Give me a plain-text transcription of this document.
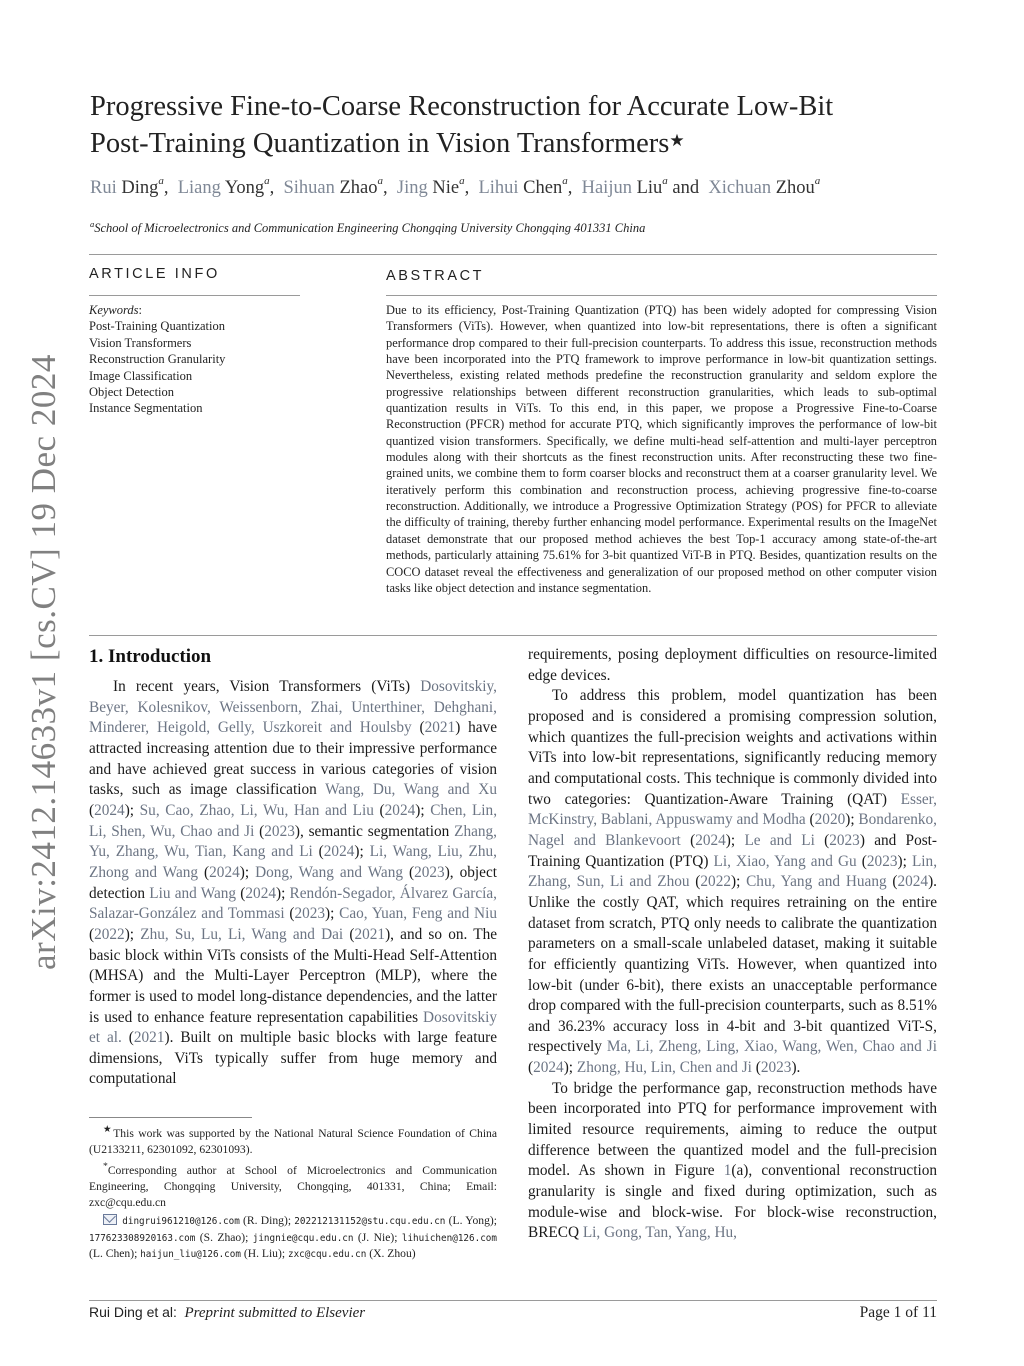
arXiv:2412.14633v1 [cs.CV] 19 Dec 2024
Progressive Fine-to-Coarse Reconstruction for Accurate Low-Bit
Post-Training Quantization in Vision Transformers★
Rui Ding$^a$,  Liang Yong$^a$,  Sihuan Zhao$^a$,  Jing Nie$^a$,  Lihui Chen$^a$,  Haijun Liu$^a$ and Xichuan Zhou$^a$
$^a$School of Microelectronics and Communication Engineering Chongqing University Chongqing 401331 China
ARTICLE INFO	ABSTRACT
Keywords:
Post-Training Quantization
Vision Transformers
Reconstruction Granularity
Image Classification
Object Detection
Instance Segmentation
Due to its efficiency, Post-Training Quantization (PTQ) has been widely adopted for compressing Vision Transformers (ViTs). However, when quantized into low-bit representations, there is often a significant performance drop compared to their full-precision counterparts. To address this issue, reconstruction methods have been incorporated into the PTQ framework to improve performance in low-bit quantization settings. Nevertheless, existing related methods predefine the reconstruction granularity and seldom explore the progressive relationships between different reconstruction granularities, which leads to sub-optimal quantization results in ViTs. To this end, in this paper, we propose a Progressive Fine-to-Coarse Reconstruction (PFCR) method for accurate PTQ, which significantly improves the performance of low-bit quantized vision transformers. Specifically, we define multi-head self-attention and multi-layer perceptron modules along with their shortcuts as the finest reconstruction units. After reconstructing these two fine-grained units, we combine them to form coarser blocks and reconstruct them at a coarser granularity level. We iteratively perform this combination and reconstruction process, achieving progressive fine-to-coarse reconstruction. Additionally, we introduce a Progressive Optimization Strategy (POS) for PFCR to alleviate the difficulty of training, thereby further enhancing model performance. Experimental results on the ImageNet dataset demonstrate that our proposed method achieves the best Top-1 accuracy among state-of-the-art methods, particularly attaining 75.61% for 3-bit quantized ViT-B in PTQ. Besides, quantization results on the COCO dataset reveal the effectiveness and generalization of our proposed method on other computer vision tasks like object detection and instance segmentation.
1. Introduction

In recent years, Vision Transformers (ViTs) Dosovitskiy, Beyer, Kolesnikov, Weissenborn, Zhai, Unterthiner, Dehghani, Minderer, Heigold, Gelly, Uszkoreit and Houlsby (2021) have attracted increasing attention due to their impressive performance and have achieved great success in various categories of vision tasks, such as image classification Wang, Du, Wang and Xu (2024); Su, Cao, Zhao, Li, Wu, Han and Liu (2024); Chen, Lin, Li, Shen, Wu, Chao and Ji (2023), semantic segmentation Zhang, Yu, Zhang, Wu, Tian, Kang and Li (2024); Li, Wang, Liu, Zhu, Zhong and Wang (2024); Dong, Wang and Wang (2023), object detection Liu and Wang (2024); Rendón-Segador, Álvarez García, Salazar-González and Tommasi (2023); Cao, Yuan, Feng and Niu (2022); Zhu, Su, Lu, Li, Wang and Dai (2021), and so on. The basic block within ViTs consists of the Multi-Head Self-Attention (MHSA) and the Multi-Layer Perceptron (MLP), where the former is used to model long-distance dependencies, and the latter is used to enhance feature representation capabilities Dosovitskiy et al. (2021). Built on multiple basic blocks with large feature dimensions, ViTs typically suffer from huge memory and computational

requirements, posing deployment difficulties on resource-limited edge devices.

To address this problem, model quantization has been proposed and is considered a promising compression solution, which quantizes the full-precision weights and activations within ViTs into low-bit representations, significantly reducing memory and computational costs. This technique is commonly divided into two categories: Quantization-Aware Training (QAT) Esser, McKinstry, Bablani, Appuswamy and Modha (2020); Bondarenko, Nagel and Blankevoort (2024); Le and Li (2023) and Post-Training Quantization (PTQ) Li, Xiao, Yang and Gu (2023); Lin, Zhang, Sun, Li and Zhou (2022); Chu, Yang and Huang (2024). Unlike the costly QAT, which requires retraining on the entire dataset from scratch, PTQ only needs to calibrate the quantization parameters on a small-scale unlabeled dataset, making it suitable for efficiently quantizing ViTs. However, when quantized into low-bit (under 6-bit), there exists an unacceptable performance drop compared with the full-precision counterparts, such as 8.51% and 36.23% accuracy loss in 4-bit and 3-bit quantized ViT-S, respectively Ma, Li, Zheng, Ling, Xiao, Wang, Wen, Chao and Ji (2024); Zhong, Hu, Lin, Chen and Ji (2023).

To bridge the performance gap, reconstruction methods have been incorporated into PTQ for performance improvement with limited resource requirements, aiming to reduce the output difference between the quantized model and the full-precision model. As shown in Figure 1(a), conventional reconstruction granularity is single and fixed during optimization, such as module-wise and block-wise. For block-wise reconstruction, BRECQ Li, Gong, Tan, Yang, Hu,

★This work was supported by the National Natural Science Foundation of China (U2133211, 62301092, 62301093).

*Corresponding author at School of Microelectronics and Communication Engineering, Chongqing University, Chongqing, 401331, China; Email: zxc@cqu.edu.cn

dingrui961210@126.com (R. Ding); 202212131152@stu.cqu.edu.cn (L. Yong); 177623308920163.com (S. Zhao); jingnie@cqu.edu.cn (J. Nie); lihuichen@126.com (L. Chen); haijun_liu@126.com (H. Liu); zxc@cqu.edu.cn (X. Zhou)

Rui Ding et al: Preprint submitted to Elsevier	Page 1 of 11
